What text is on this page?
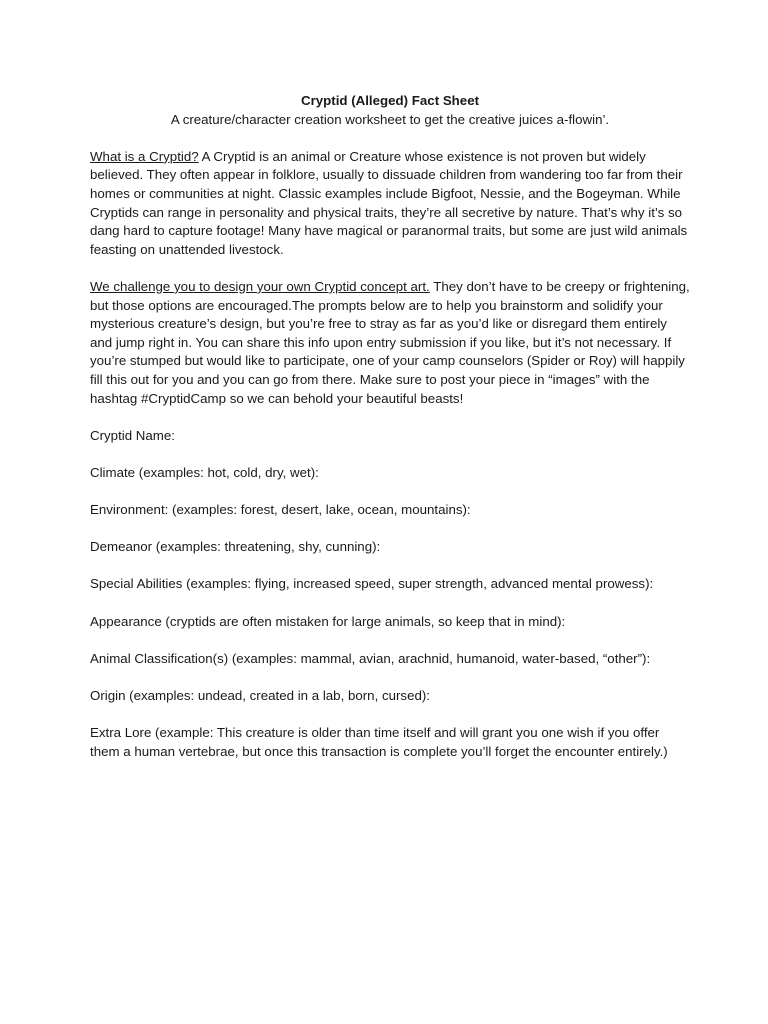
Cryptid (Alleged) Fact Sheet

A creature/character creation worksheet to get the creative juices a-flowin’.

What is a Cryptid? A Cryptid is an animal or Creature whose existence is not proven but widely believed. They often appear in folklore, usually to dissuade children from wandering too far from their homes or communities at night. Classic examples include Bigfoot, Nessie, and the Bogeyman. While Cryptids can range in personality and physical traits, they’re all secretive by nature. That’s why it’s so dang hard to capture footage! Many have magical or paranormal traits, but some are just wild animals feasting on unattended livestock.

We challenge you to design your own Cryptid concept art. They don’t have to be creepy or frightening, but those options are encouraged.The prompts below are to help you brainstorm and solidify your mysterious creature’s design, but you’re free to stray as far as you’d like or disregard them entirely and jump right in. You can share this info upon entry submission if you like, but it’s not necessary. If you’re stumped but would like to participate, one of your camp counselors (Spider or Roy) will happily fill this out for you and you can go from there. Make sure to post your piece in “images” with the hashtag #CryptidCamp so we can behold your beautiful beasts!

Cryptid Name:

Climate (examples: hot, cold, dry, wet):

Environment: (examples: forest, desert, lake, ocean, mountains):

Demeanor (examples: threatening, shy, cunning):

Special Abilities (examples: flying, increased speed, super strength, advanced mental prowess):

Appearance (cryptids are often mistaken for large animals, so keep that in mind):

Animal Classification(s) (examples: mammal, avian, arachnid, humanoid, water-based, “other”):

Origin (examples: undead, created in a lab, born, cursed):

Extra Lore (example: This creature is older than time itself and will grant you one wish if you offer them a human vertebrae, but once this transaction is complete you’ll forget the encounter entirely.)
